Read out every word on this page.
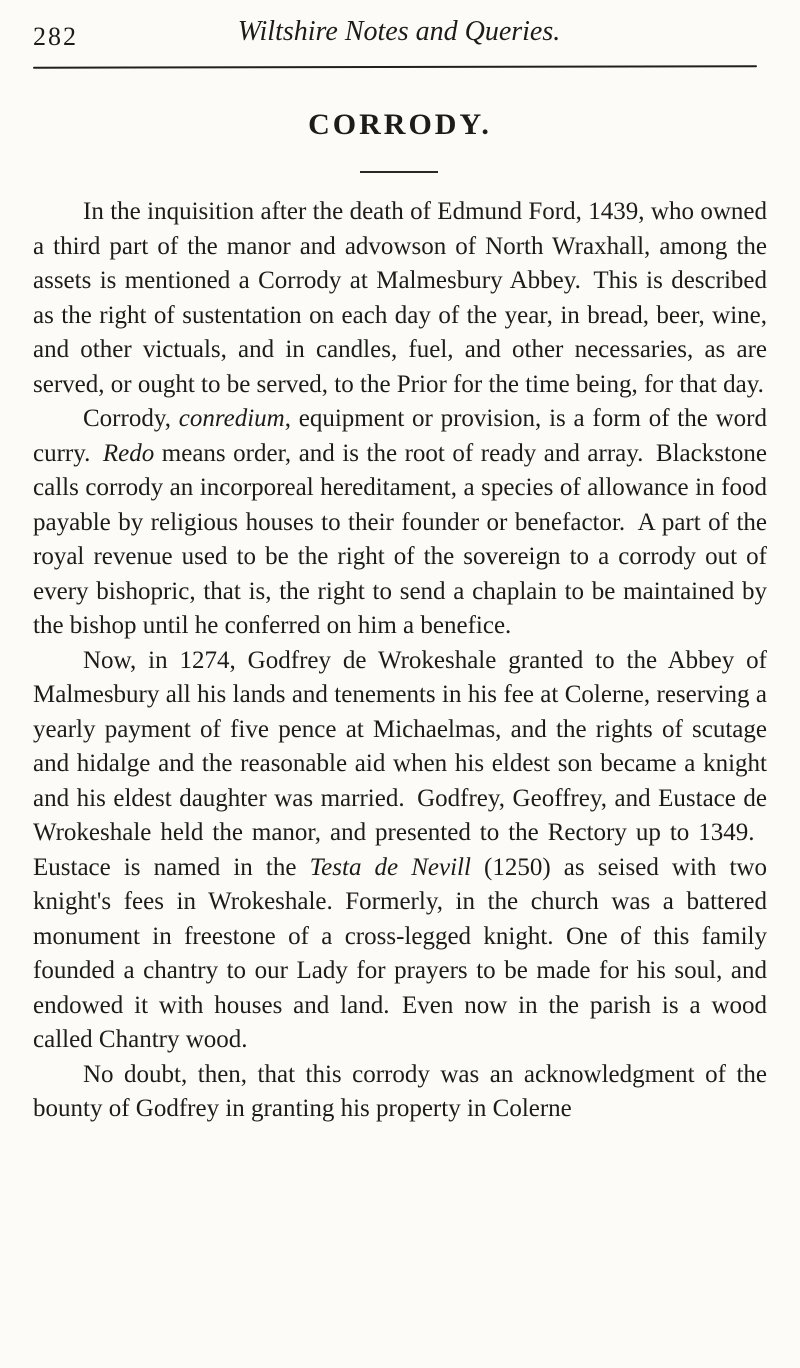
282	Wiltshire Notes and Queries.
CORRODY.

In the inquisition after the death of Edmund Ford, 1439, who owned a third part of the manor and advowson of North Wraxhall, among the assets is mentioned a Corrody at Malmesbury Abbey. This is described as the right of sustentation on each day of the year, in bread, beer, wine, and other victuals, and in candles, fuel, and other necessaries, as are served, or ought to be served, to the Prior for the time being, for that day.

Corrody, conredium, equipment or provision, is a form of the word curry. Redo means order, and is the root of ready and array. Blackstone calls corrody an incorporeal hereditament, a species of allowance in food payable by religious houses to their founder or benefactor. A part of the royal revenue used to be the right of the sovereign to a corrody out of every bishopric, that is, the right to send a chaplain to be maintained by the bishop until he conferred on him a benefice.

Now, in 1274, Godfrey de Wrokeshale granted to the Abbey of Malmesbury all his lands and tenements in his fee at Colerne, reserving a yearly payment of five pence at Michaelmas, and the rights of scutage and hidalge and the reasonable aid when his eldest son became a knight and his eldest daughter was married. Godfrey, Geoffrey, and Eustace de Wrokeshale held the manor, and presented to the Rectory up to 1349. Eustace is named in the Testa de Nevill (1250) as seised with two knight's fees in Wrokeshale. Formerly, in the church was a battered monument in freestone of a cross-legged knight. One of this family founded a chantry to our Lady for prayers to be made for his soul, and endowed it with houses and land. Even now in the parish is a wood called Chantry wood.

No doubt, then, that this corrody was an acknowledgment of the bounty of Godfrey in granting his property in Colerne
